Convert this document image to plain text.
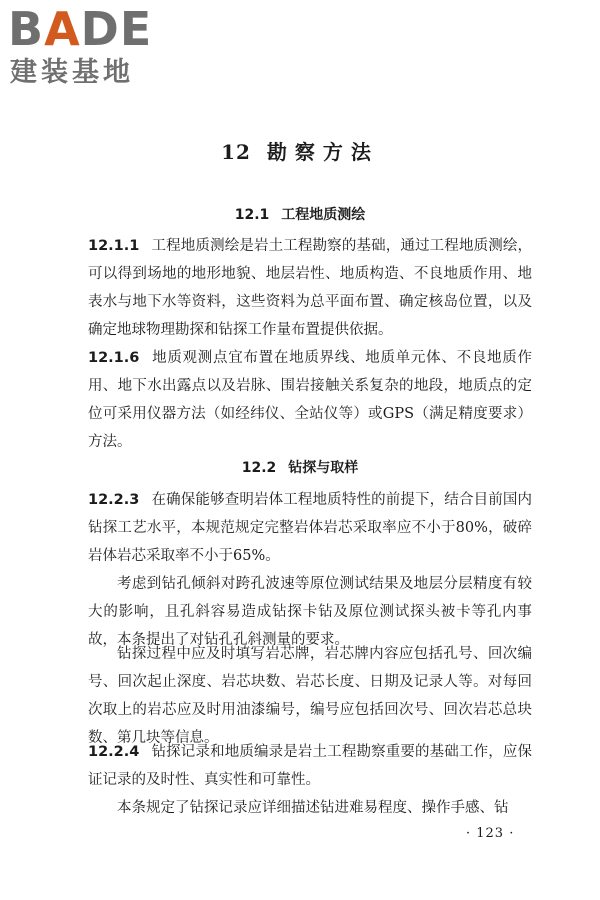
BADE
建装基地
12 勘察方法
12.1 工程地质测绘

12.1.1 工程地质测绘是岩土工程勘察的基础，通过工程地质测绘，可以得到场地的地形地貌、地层岩性、地质构造、不良地质作用、地表水与地下水等资料，这些资料为总平面布置、确定核岛位置，以及确定地球物理勘探和钻探工作量布置提供依据。

12.1.6 地质观测点宜布置在地质界线、地质单元体、不良地质作用、地下水出露点以及岩脉、围岩接触关系复杂的地段，地质点的定位可采用仪器方法（如经纬仪、全站仪等）或GPS（满足精度要求）方法。

12.2 钻探与取样

12.2.3 在确保能够查明岩体工程地质特性的前提下，结合目前国内钻探工艺水平，本规范规定完整岩体岩芯采取率应不小于80%，破碎岩体岩芯采取率不小于65%。

考虑到钻孔倾斜对跨孔波速等原位测试结果及地层分层精度有较大的影响，且孔斜容易造成钻探卡钻及原位测试探头被卡等孔内事故，本条提出了对钻孔孔斜测量的要求。

钻探过程中应及时填写岩芯牌，岩芯牌内容应包括孔号、回次编号、回次起止深度、岩芯块数、岩芯长度、日期及记录人等。对每回次取上的岩芯应及时用油漆编号，编号应包括回次号、回次岩芯总块数、第几块等信息。

12.2.4 钻探记录和地质编录是岩土工程勘察重要的基础工作，应保证记录的及时性、真实性和可靠性。

本条规定了钻探记录应详细描述钻进难易程度、操作手感、钻

· 123 ·
